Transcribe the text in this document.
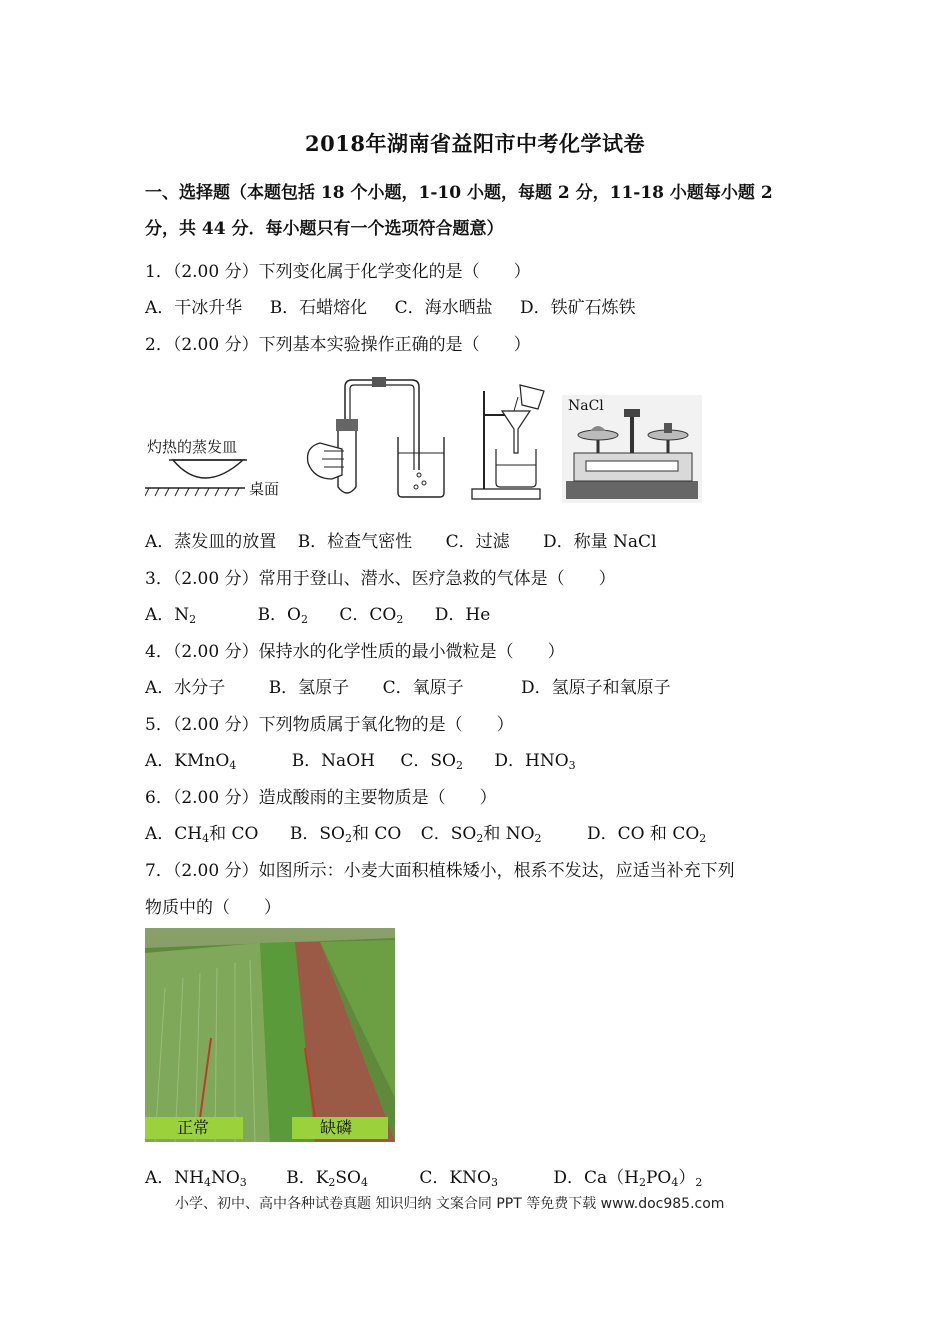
2018年湖南省益阳市中考化学试卷
一、选择题（本题包括 18 个小题，1-10 小题，每题 2 分，11-18 小题每小题 2
分，共 44 分．每小题只有一个选项符合题意）
1．（2.00 分）下列变化属于化学变化的是（　　）
A．干冰升华 B．石蜡熔化 C．海水晒盐 D．铁矿石炼铁
2．（2.00 分）下列基本实验操作正确的是（　　）
灼热的蒸发皿
桌面
NaCl
A．蒸发皿的放置 B．检查气密性 C．过滤 D．称量 NaCl
3．（2.00 分）常用于登山、潜水、医疗急救的气体是（　　）
A．$N_2$	B．$O_2$ C．$CO_2$ D．He
4．（2.00 分）保持水的化学性质的最小微粒是（　　）
A．水分子	B．氢原子 C．氧原子	D．氢原子和氧原子
5．（2.00 分）下列物质属于氧化物的是（　　）
A．KMnO$_4$	B．NaOH C．$SO_2$ D．$HNO_3$
6．（2.00 分）造成酸雨的主要物质是（　　）
A．$CH_4$和 CO B．$SO_2$和 CO C．$SO_2$和 $NO_2$	D．CO 和 $CO_2$
7．（2.00 分）如图所示：小麦大面积植株矮小，根系不发达，应适当补充下列
物质中的（　　）
正常	缺磷
A．$NH_4NO_3$ B．$K_2SO_4$	C．$KNO_3$	D．$Ca(H_2PO_4)_2$
小学、初中、高中各种试卷真题 知识归纳 文案合同 PPT 等免费下载 www.doc985.com
